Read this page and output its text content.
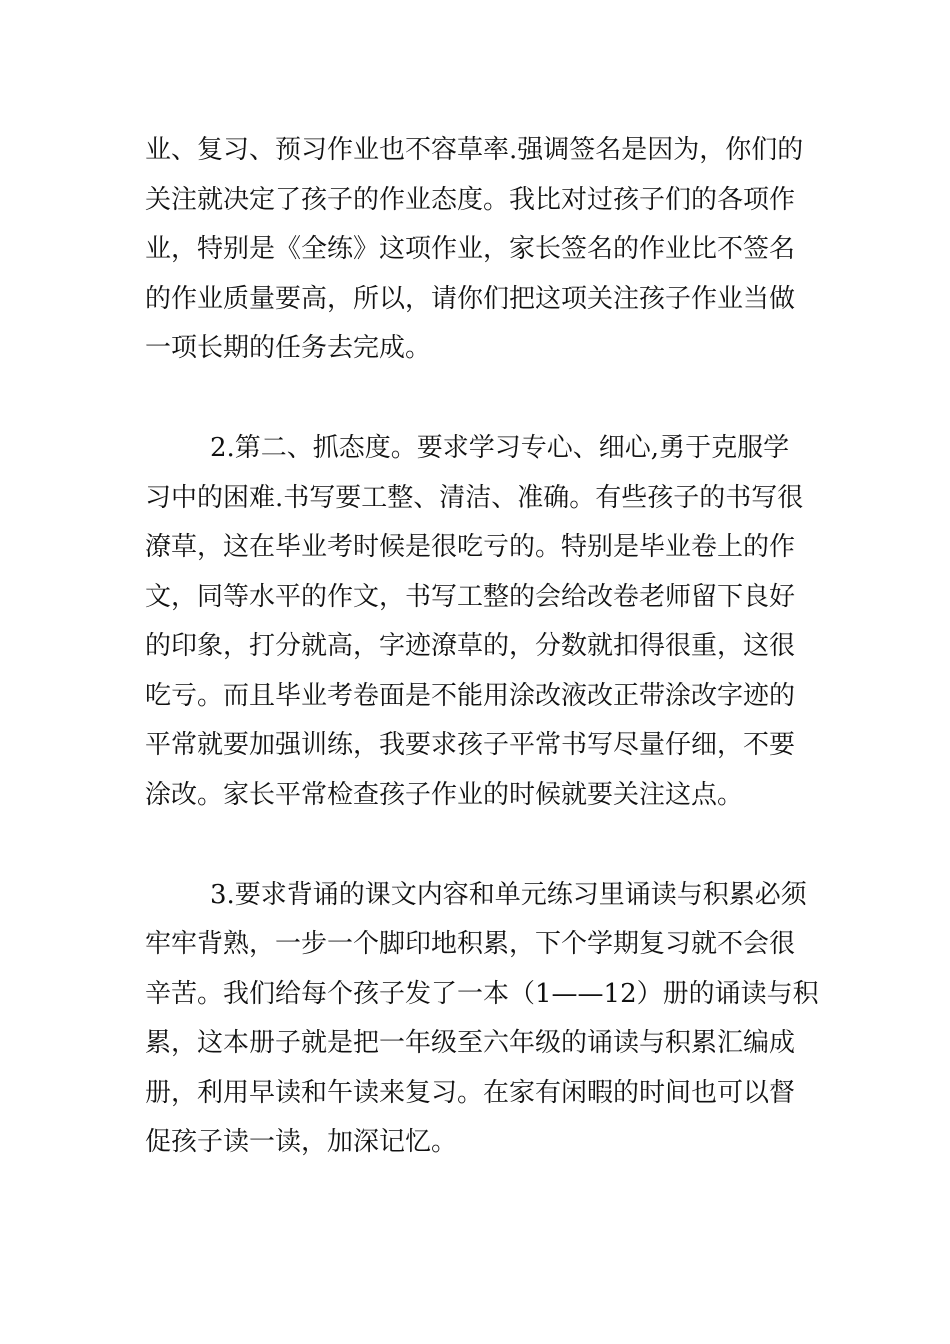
业、复习、预习作业也不容草率.强调签名是因为，你们的
关注就决定了孩子的作业态度。我比对过孩子们的各项作
业，特别是《全练》这项作业，家长签名的作业比不签名
的作业质量要高，所以，请你们把这项关注孩子作业当做
一项长期的任务去完成。
2.第二、抓态度。要求学习专心、细心,勇于克服学
习中的困难.书写要工整、清洁、准确。有些孩子的书写很
潦草，这在毕业考时候是很吃亏的。特别是毕业卷上的作
文，同等水平的作文，书写工整的会给改卷老师留下良好
的印象，打分就高，字迹潦草的，分数就扣得很重，这很
吃亏。而且毕业考卷面是不能用涂改液改正带涂改字迹的
平常就要加强训练，我要求孩子平常书写尽量仔细，不要
涂改。家长平常检查孩子作业的时候就要关注这点。
3.要求背诵的课文内容和单元练习里诵读与积累必须
牢牢背熟，一步一个脚印地积累，下个学期复习就不会很
辛苦。我们给每个孩子发了一本（1——12）册的诵读与积
累，这本册子就是把一年级至六年级的诵读与积累汇编成
册，利用早读和午读来复习。在家有闲暇的时间也可以督
促孩子读一读，加深记忆。
